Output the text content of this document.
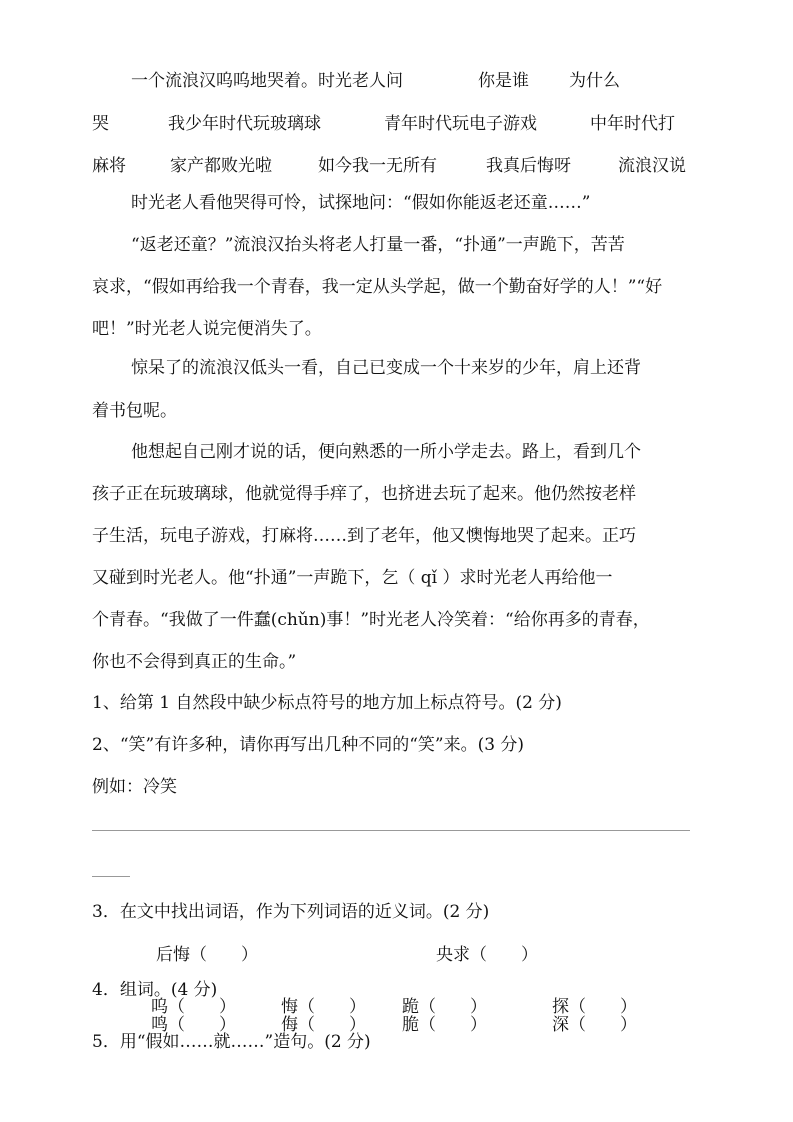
一个流浪汉呜呜地哭着。时光老人问	你是谁 为什么
哭	我少年时代玩玻璃球	青年时代玩电子游戏	中年时代打
麻将	家产都败光啦	如今我一无所有	我真后悔呀	流浪汉说
时光老人看他哭得可怜，试探地问：“假如你能返老还童……”
“返老还童？”流浪汉抬头将老人打量一番，“扑通”一声跪下，苦苦
哀求，“假如再给我一个青春，我一定从头学起，做一个勤奋好学的人！”“好
吧！”时光老人说完便消失了。
惊呆了的流浪汉低头一看，自己已变成一个十来岁的少年，肩上还背
着书包呢。
他想起自己刚才说的话，便向熟悉的一所小学走去。路上，看到几个
孩子正在玩玻璃球，他就觉得手痒了，也挤进去玩了起来。他仍然按老样
子生活，玩电子游戏，打麻将……到了老年，他又懊悔地哭了起来。正巧
又碰到时光老人。他“扑通”一声跪下，乞（ qǐ ）求时光老人再给他一
个青春。“我做了一件蠢(chǔn)事！”时光老人冷笑着：“给你再多的青春，
你也不会得到真正的生命。”
1、给第 1 自然段中缺少标点符号的地方加上标点符号。(2 分)
2、“笑”有许多种，请你再写出几种不同的“笑”来。(3 分)
例如：冷笑
3．在文中找出词语，作为下列词语的近义词。(2 分)
后悔（　　）	央求（　　）
4．组词。(4 分)
呜（　　）	悔（　　） 跪（　　）	探（　　）
鸣（　　）	侮（　　） 脆（　　）	深（　　）
5．用“假如……就……”造句。(2 分)
